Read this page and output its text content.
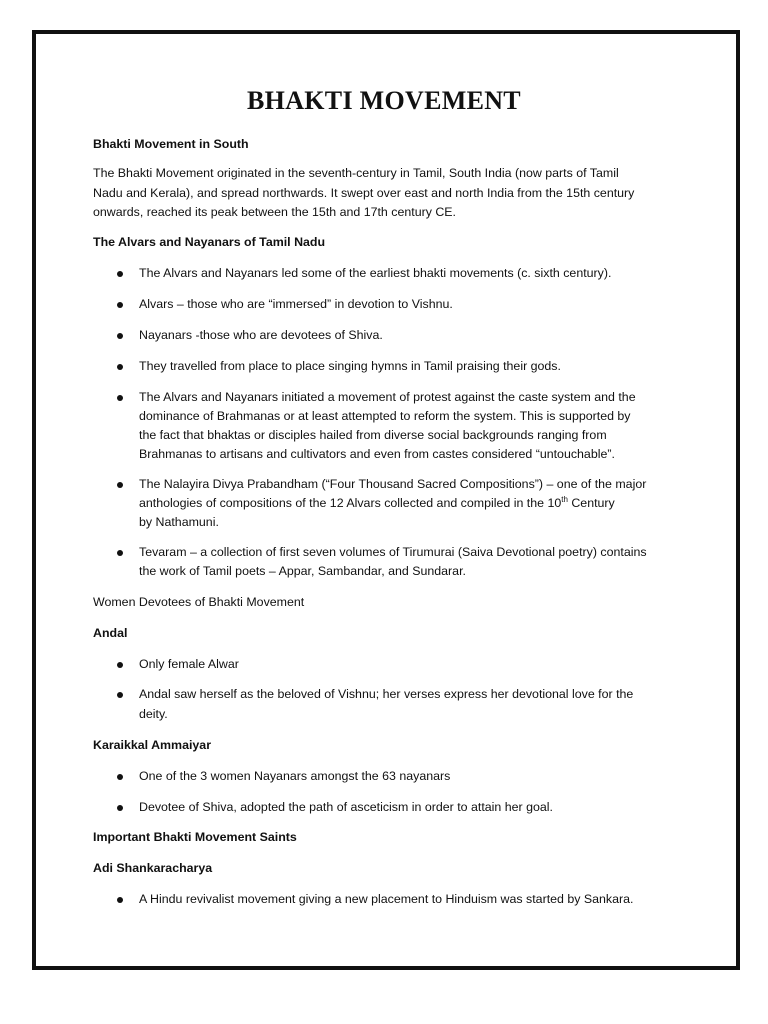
BHAKTI MOVEMENT

Bhakti Movement in South

The Bhakti Movement originated in the seventh-century in Tamil, South India (now parts of Tamil

Nadu and Kerala), and spread northwards. It swept over east and north India from the 15th century

onwards, reached its peak between the 15th and 17th century CE.

The Alvars and Nayanars of Tamil Nadu

The Alvars and Nayanars led some of the earliest bhakti movements (c. sixth century).

Alvars – those who are “immersed” in devotion to Vishnu.

Nayanars -those who are devotees of Shiva.

They travelled from place to place singing hymns in Tamil praising their gods.

The Alvars and Nayanars initiated a movement of protest against the caste system and the

dominance of Brahmanas or at least attempted to reform the system. This is supported by

the fact that bhaktas or disciples hailed from diverse social backgrounds ranging from

Brahmanas to artisans and cultivators and even from castes considered “untouchable”.

The Nalayira Divya Prabandham (“Four Thousand Sacred Compositions”) – one of the major

anthologies of compositions of the 12 Alvars collected and compiled in the 10th Century

by Nathamuni.

Tevaram – a collection of first seven volumes of Tirumurai (Saiva Devotional poetry) contains

the work of Tamil poets – Appar, Sambandar, and Sundarar.

Women Devotees of Bhakti Movement

Andal

Only female Alwar

Andal saw herself as the beloved of Vishnu; her verses express her devotional love for the

deity.

Karaikkal Ammaiyar

One of the 3 women Nayanars amongst the 63 nayanars

Devotee of Shiva, adopted the path of asceticism in order to attain her goal.

Important Bhakti Movement Saints

Adi Shankaracharya

A Hindu revivalist movement giving a new placement to Hinduism was started by Sankara.
